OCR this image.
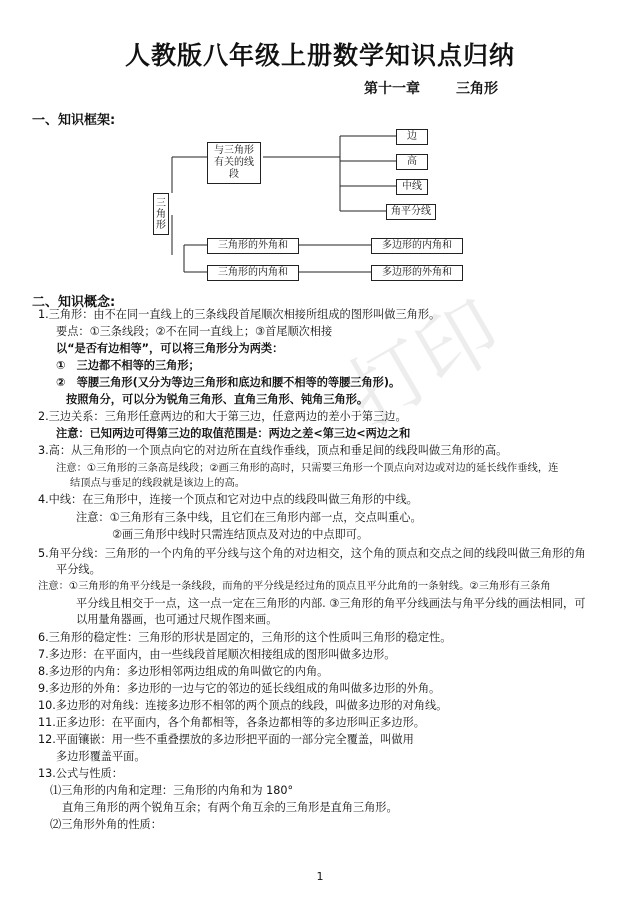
打印
人教版八年级上册数学知识点归纳
第十一章	三角形
一、知识框架:
三角形
与三角形有关的线段
边
高
中线
角平分线
三角形的外角和
三角形的内角和
多边形的内角和
多边形的外角和
二、知识概念:
1.三角形：由不在同一直线上的三条线段首尾顺次相接所组成的图形叫做三角形。
要点：①三条线段；②不在同一直线上；③首尾顺次相接
以“是否有边相等”，可以将三角形分为两类：
①　三边都不相等的三角形；
②　等腰三角形(又分为等边三角形和底边和腰不相等的等腰三角形)。
按照角分，可以分为锐角三角形、直角三角形、钝角三角形。
2.三边关系：三角形任意两边的和大于第三边，任意两边的差小于第三边。
注意：已知两边可得第三边的取值范围是：两边之差<第三边<两边之和
3.高：从三角形的一个顶点向它的对边所在直线作垂线，顶点和垂足间的线段叫做三角形的高。
注意：①三角形的三条高是线段；②画三角形的高时，只需要三角形一个顶点向对边或对边的延长线作垂线，连
结顶点与垂足的线段就是该边上的高。
4.中线：在三角形中，连接一个顶点和它对边中点的线段叫做三角形的中线。
注意：①三角形有三条中线，且它们在三角形内部一点，交点叫重心。
②画三角形中线时只需连结顶点及对边的中点即可。
5.角平分线：三角形的一个内角的平分线与这个角的对边相交，这个角的顶点和交点之间的线段叫做三角形的角
平分线。
注意：①三角形的角平分线是一条线段，而角的平分线是经过角的顶点且平分此角的一条射线。②三角形有三条角
平分线且相交于一点，这一点一定在三角形的内部. ③三角形的角平分线画法与角平分线的画法相同，可
以用量角器画，也可通过尺规作图来画。
6.三角形的稳定性：三角形的形状是固定的，三角形的这个性质叫三角形的稳定性。
7.多边形：在平面内，由一些线段首尾顺次相接组成的图形叫做多边形。
8.多边形的内角：多边形相邻两边组成的角叫做它的内角。
9.多边形的外角：多边形的一边与它的邻边的延长线组成的角叫做多边形的外角。
10.多边形的对角线：连接多边形不相邻的两个顶点的线段，叫做多边形的对角线。
11.正多边形：在平面内，各个角都相等，各条边都相等的多边形叫正多边形。
12.平面镶嵌：用一些不重叠摆放的多边形把平面的一部分完全覆盖，叫做用
多边形覆盖平面。
13.公式与性质：
⑴三角形的内角和定理：三角形的内角和为 180°
直角三角形的两个锐角互余；有两个角互余的三角形是直角三角形。
⑵三角形外角的性质：
1
